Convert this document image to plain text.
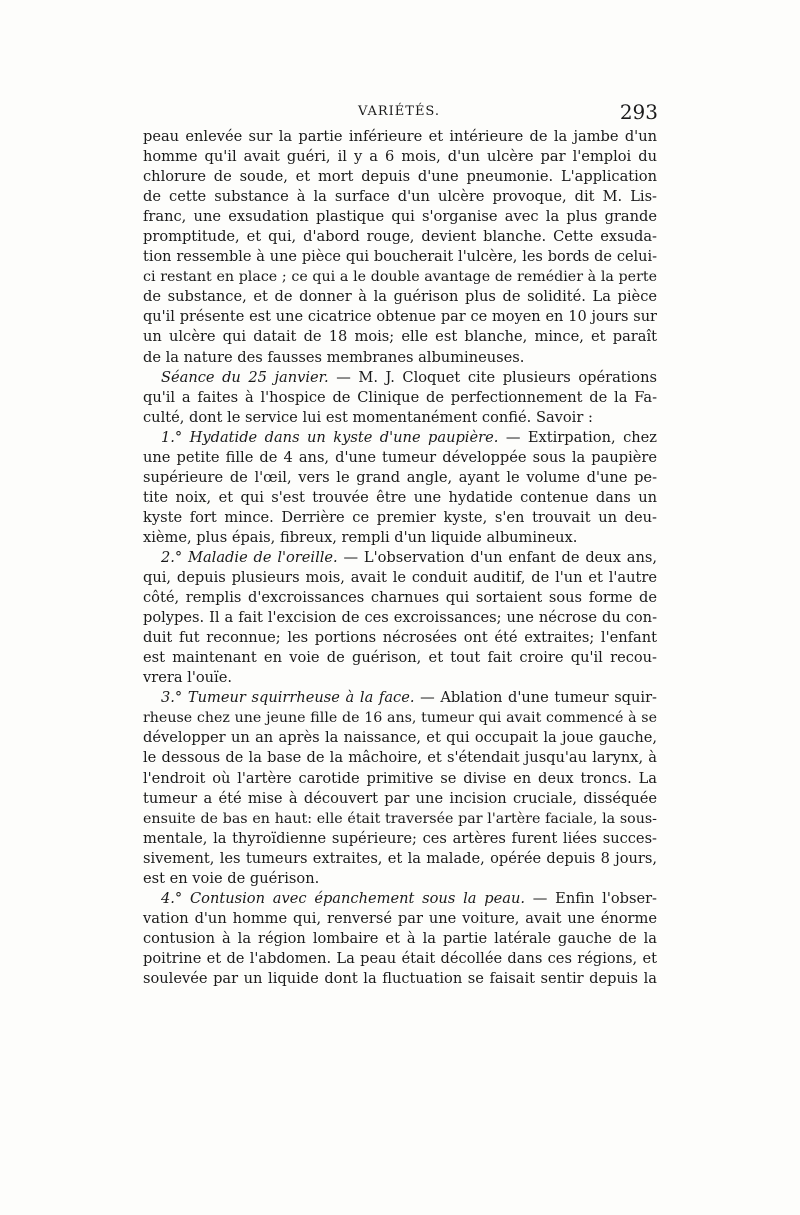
VARIÉTÉS.	293
peau enlevée sur la partie inférieure et intérieure de la jambe d'un
homme qu'il avait guéri, il y a 6 mois, d'un ulcère par l'emploi du
chlorure de soude, et mort depuis d'une pneumonie. L'application
de cette substance à la surface d'un ulcère provoque, dit M. Lis-
franc, une exsudation plastique qui s'organise avec la plus grande
promptitude, et qui, d'abord rouge, devient blanche. Cette exsuda-
tion ressemble à une pièce qui boucherait l'ulcère, les bords de celui-
ci restant en place ; ce qui a le double avantage de remédier à la perte
de substance, et de donner à la guérison plus de solidité. La pièce
qu'il présente est une cicatrice obtenue par ce moyen en 10 jours sur
un ulcère qui datait de 18 mois; elle est blanche, mince, et paraît
de la nature des fausses membranes albumineuses.
Séance du 25 janvier. — M. J. Cloquet cite plusieurs opérations
qu'il a faites à l'hospice de Clinique de perfectionnement de la Fa-
culté, dont le service lui est momentanément confié. Savoir :
1.° Hydatide dans un kyste d'une paupière. — Extirpation, chez
une petite fille de 4 ans, d'une tumeur développée sous la paupière
supérieure de l'œil, vers le grand angle, ayant le volume d'une pe-
tite noix, et qui s'est trouvée être une hydatide contenue dans un
kyste fort mince. Derrière ce premier kyste, s'en trouvait un deu-
xième, plus épais, fibreux, rempli d'un liquide albumineux.
2.° Maladie de l'oreille. — L'observation d'un enfant de deux ans,
qui, depuis plusieurs mois, avait le conduit auditif, de l'un et l'autre
côté, remplis d'excroissances charnues qui sortaient sous forme de
polypes. Il a fait l'excision de ces excroissances; une nécrose du con-
duit fut reconnue; les portions nécrosées ont été extraites; l'enfant
est maintenant en voie de guérison, et tout fait croire qu'il recou-
vrera l'ouïe.
3.° Tumeur squirrheuse à la face. — Ablation d'une tumeur squir-
rheuse chez une jeune fille de 16 ans, tumeur qui avait commencé à se
développer un an après la naissance, et qui occupait la joue gauche,
le dessous de la base de la mâchoire, et s'étendait jusqu'au larynx, à
l'endroit où l'artère carotide primitive se divise en deux troncs. La
tumeur a été mise à découvert par une incision cruciale, disséquée
ensuite de bas en haut: elle était traversée par l'artère faciale, la sous-
mentale, la thyroïdienne supérieure; ces artères furent liées succes-
sivement, les tumeurs extraites, et la malade, opérée depuis 8 jours,
est en voie de guérison.
4.° Contusion avec épanchement sous la peau. — Enfin l'obser-
vation d'un homme qui, renversé par une voiture, avait une énorme
contusion à la région lombaire et à la partie latérale gauche de la
poitrine et de l'abdomen. La peau était décollée dans ces régions, et
soulevée par un liquide dont la fluctuation se faisait sentir depuis la
